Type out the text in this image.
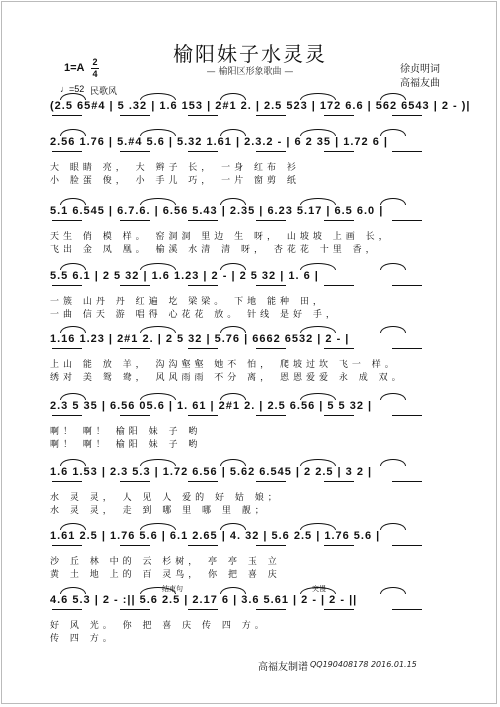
榆阳妹子水灵灵
— 榆阳区形象歌曲 —
1=A 2
4
♩=52 民歌风
徐贞明词
高福友曲
(2.5 65#4 | 5 .32 | 1.6 153 | 2#1 2. | 2.5 523 | 172 6.6 | 562 6543 | 2 - )|
2.56 1.76 | 5.#4 5.6 | 5.32 1.61 | 2.3.2 - | 6 2 35 | 1.72 6 |
大 眼睛 亮， 大 辫子 长， 一身 红布 衫
小 脸蛋 俊， 小 手儿 巧， 一片 窗剪 纸
5.1 6.545 | 6.7.6. | 6.56 5.43 | 2.35 | 6.23 5.17 | 6.5 6.0 |
天生 俏 模 样。 窑洞洞 里边 生 呀， 山坡坡 上画 长，
飞出 金 凤 凰。 榆溪 水清 清 呀， 杏花花 十里 香，
5.5 6.1 | 2 5 32 | 1.6 1.23 | 2 - | 2 5 32 | 1. 6 |
一簇 山丹 丹 红遍 圪 梁梁。 下地 能种 田，
一曲 信天 游 唱得 心花花 放。 针线 是好 手，
1.16 1.23 | 2#1 2. | 2 5 32 | 5.76 | 6662 6532 | 2 - |
上山 能 放 羊， 沟沟壑壑 她不 怕， 爬坡过坎 飞一 样。
绣对 美 鸳 鸯， 风风雨雨 不分 离， 恩恩爱爱 永 成 双。
2.3 5 35 | 6.56 05.6 | 1. 61 | 2#1 2. | 2.5 6.56 | 5 5 32 |
啊！ 啊！ 榆阳 妹 子 哟
啊！ 啊！ 榆阳 妹 子 哟
1.6 1.53 | 2.3 5.3 | 1.72 6.56 | 5.62 6.545 | 2 2.5 | 3 2 |
水 灵 灵， 人 见 人 爱的 好 姑 娘；
水 灵 灵， 走 到 哪 里 哪 里 靓；
1.61 2.5 | 1.76 5.6 | 6.1 2.65 | 4. 32 | 5.6 2.5 | 1.76 5.6 |
沙 丘 林 中的 云 杉树， 亭 亭 玉 立
黄 土 地 上的 百 灵鸟， 你 把 喜 庆
4.6 5.3 | 2 - :|| 5.6 2.5 | 2.17 6 | 3.6 5.61 | 2 - | 2 - ||
好 风 光。 你 把 喜 庆 传 四 方。
传 四 方。
结束句	突慢
高福友制谱 QQ190408178 2016.01.15
